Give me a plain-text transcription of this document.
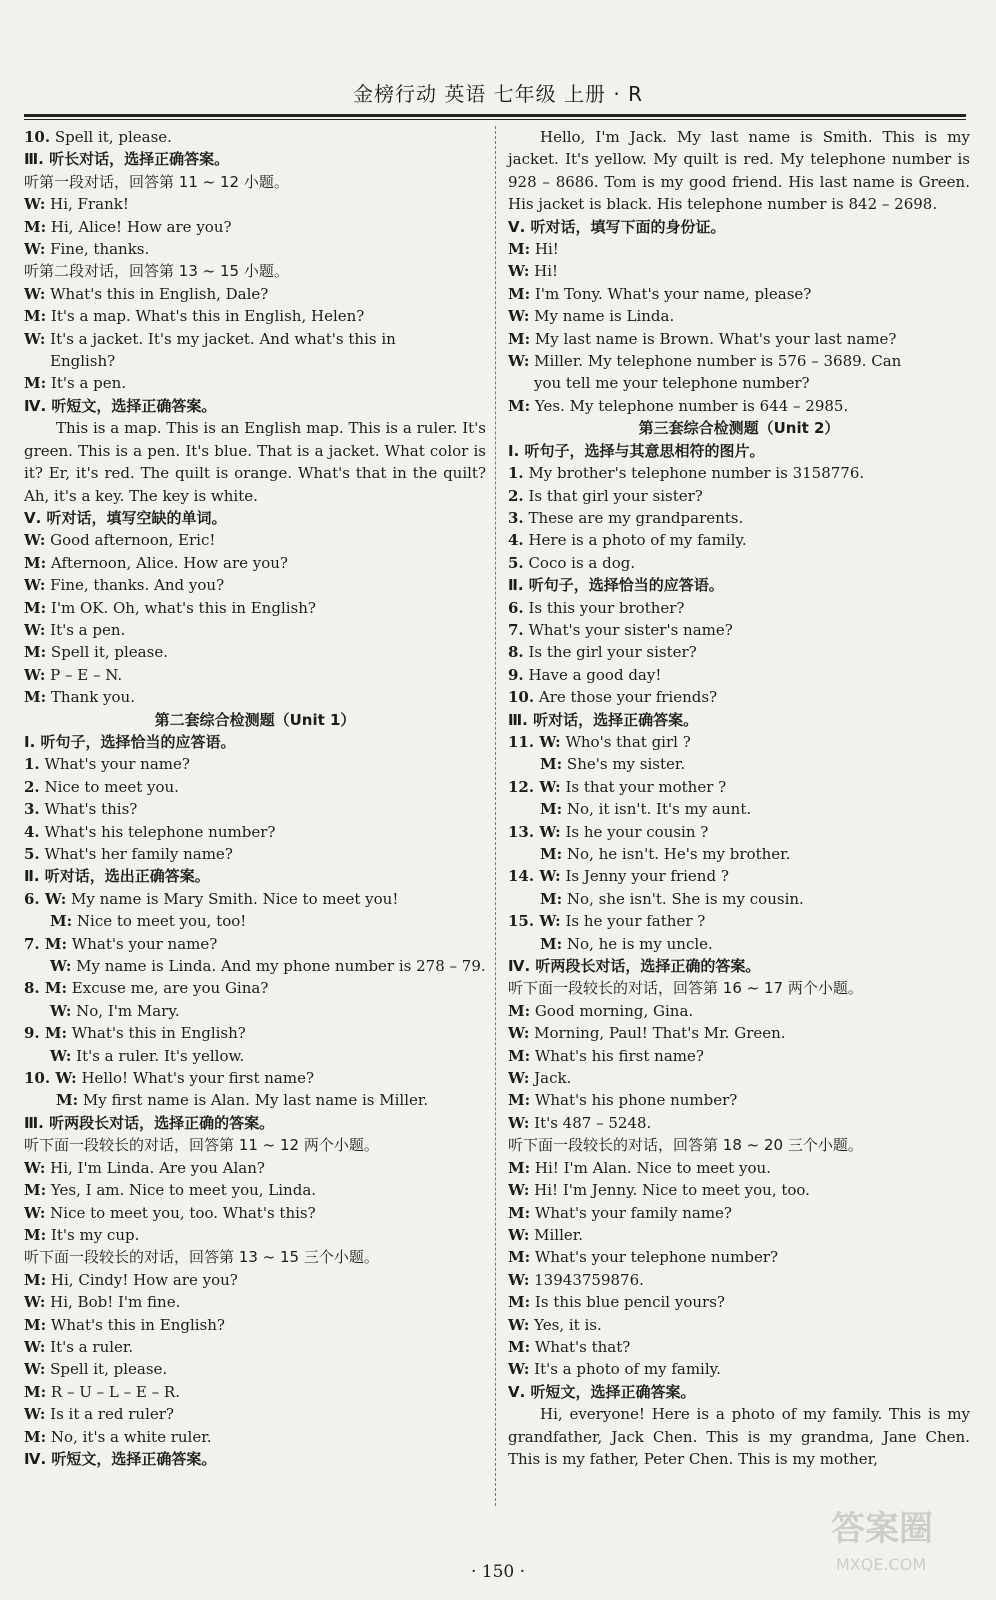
金榜行动 英语 七年级 上册 · R
10. Spell it, please.
Ⅲ. 听长对话，选择正确答案。
听第一段对话，回答第 11 ~ 12 小题。
W: Hi, Frank!
M: Hi, Alice! How are you?
W: Fine, thanks.
听第二段对话，回答第 13 ~ 15 小题。
W: What's this in English, Dale?
M: It's a map. What's this in English, Helen?
W: It's a jacket. It's my jacket. And what's this in
English?
M: It's a pen.
Ⅳ. 听短文，选择正确答案。
This is a map. This is an English map. This is a ruler. It's green. This is a pen. It's blue. That is a jacket. What color is it? Er, it's red. The quilt is orange. What's that in the quilt? Ah, it's a key. The key is white.
Ⅴ. 听对话，填写空缺的单词。
W: Good afternoon, Eric!
M: Afternoon, Alice. How are you?
W: Fine, thanks. And you?
M: I'm OK. Oh, what's this in English?
W: It's a pen.
M: Spell it, please.
W: P – E – N.
M: Thank you.
第二套综合检测题（Unit 1）
Ⅰ. 听句子，选择恰当的应答语。
1. What's your name?
2. Nice to meet you.
3. What's this?
4. What's his telephone number?
5. What's her family name?
Ⅱ. 听对话，选出正确答案。
6. W: My name is Mary Smith. Nice to meet you!
M: Nice to meet you, too!
7. M: What's your name?
W: My name is Linda. And my phone number is 278 – 79.
8. M: Excuse me, are you Gina?
W: No, I'm Mary.
9. M: What's this in English?
W: It's a ruler. It's yellow.
10. W: Hello! What's your first name?
M: My first name is Alan. My last name is Miller.
Ⅲ. 听两段长对话，选择正确的答案。
听下面一段较长的对话，回答第 11 ~ 12 两个小题。
W: Hi, I'm Linda. Are you Alan?
M: Yes, I am. Nice to meet you, Linda.
W: Nice to meet you, too. What's this?
M: It's my cup.
听下面一段较长的对话，回答第 13 ~ 15 三个小题。
M: Hi, Cindy! How are you?
W: Hi, Bob! I'm fine.
M: What's this in English?
W: It's a ruler.
W: Spell it, please.
M: R – U – L – E – R.
W: Is it a red ruler?
M: No, it's a white ruler.
Ⅳ. 听短文，选择正确答案。
Hello, I'm Jack. My last name is Smith. This is my jacket. It's yellow. My quilt is red. My telephone number is 928 – 8686. Tom is my good friend. His last name is Green. His jacket is black. His telephone number is 842 – 2698.
Ⅴ. 听对话，填写下面的身份证。
M: Hi!
W: Hi!
M: I'm Tony. What's your name, please?
W: My name is Linda.
M: My last name is Brown. What's your last name?
W: Miller. My telephone number is 576 – 3689. Can
you tell me your telephone number?
M: Yes. My telephone number is 644 – 2985.
第三套综合检测题（Unit 2）
Ⅰ. 听句子，选择与其意思相符的图片。
1. My brother's telephone number is 3158776.
2. Is that girl your sister?
3. These are my grandparents.
4. Here is a photo of my family.
5. Coco is a dog.
Ⅱ. 听句子，选择恰当的应答语。
6. Is this your brother?
7. What's your sister's name?
8. Is the girl your sister?
9. Have a good day!
10. Are those your friends?
Ⅲ. 听对话，选择正确答案。
11. W: Who's that girl ?
M: She's my sister.
12. W: Is that your mother ?
M: No, it isn't. It's my aunt.
13. W: Is he your cousin ?
M: No, he isn't. He's my brother.
14. W: Is Jenny your friend ?
M: No, she isn't. She is my cousin.
15. W: Is he your father ?
M: No, he is my uncle.
Ⅳ. 听两段长对话，选择正确的答案。
听下面一段较长的对话，回答第 16 ~ 17 两个小题。
M: Good morning, Gina.
W: Morning, Paul! That's Mr. Green.
M: What's his first name?
W: Jack.
M: What's his phone number?
W: It's 487 – 5248.
听下面一段较长的对话，回答第 18 ~ 20 三个小题。
M: Hi! I'm Alan. Nice to meet you.
W: Hi! I'm Jenny. Nice to meet you, too.
M: What's your family name?
W: Miller.
M: What's your telephone number?
W: 13943759876.
M: Is this blue pencil yours?
W: Yes, it is.
M: What's that?
W: It's a photo of my family.
Ⅴ. 听短文，选择正确答案。
Hi, everyone! Here is a photo of my family. This is my grandfather, Jack Chen. This is my grandma, Jane Chen. This is my father, Peter Chen. This is my mother,
· 150 ·
答案圈
MXQE.COM
